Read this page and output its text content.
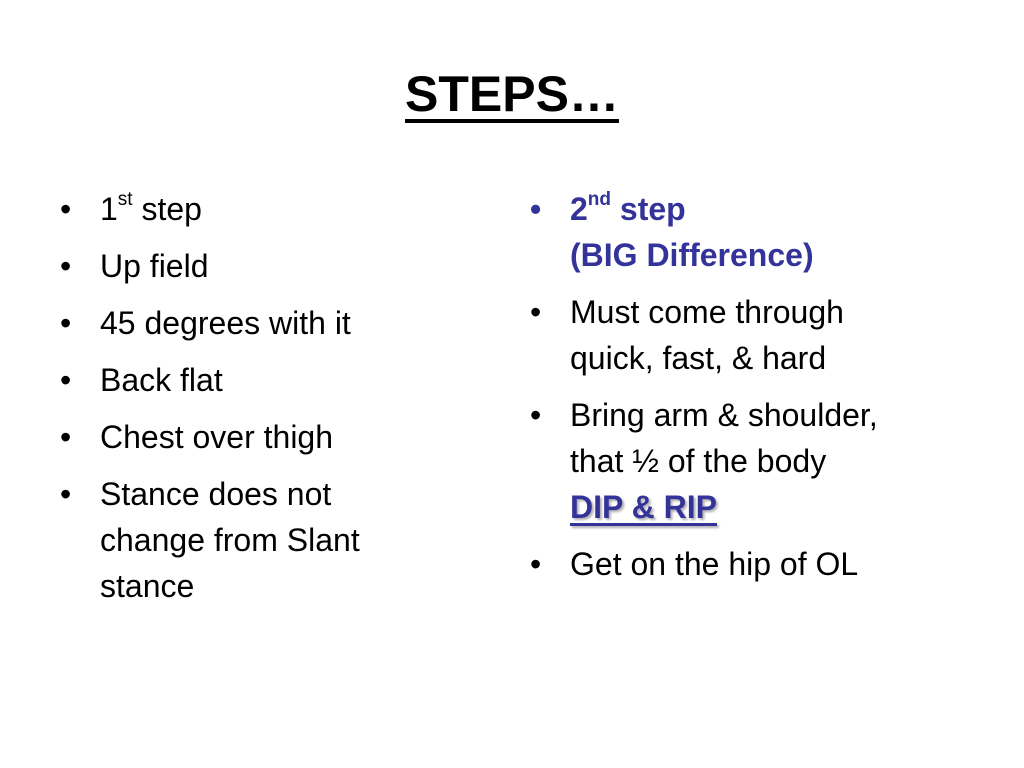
STEPS…
• 1st step
• Up field
• 45 degrees with it
• Back flat
• Chest over thigh
• Stance does not
change from Slant
stance
• 2nd step
(BIG Difference)
• Must come through
quick, fast, & hard
• Bring arm & shoulder,
that ½ of the body
DIP & RIP
• Get on the hip of OL
